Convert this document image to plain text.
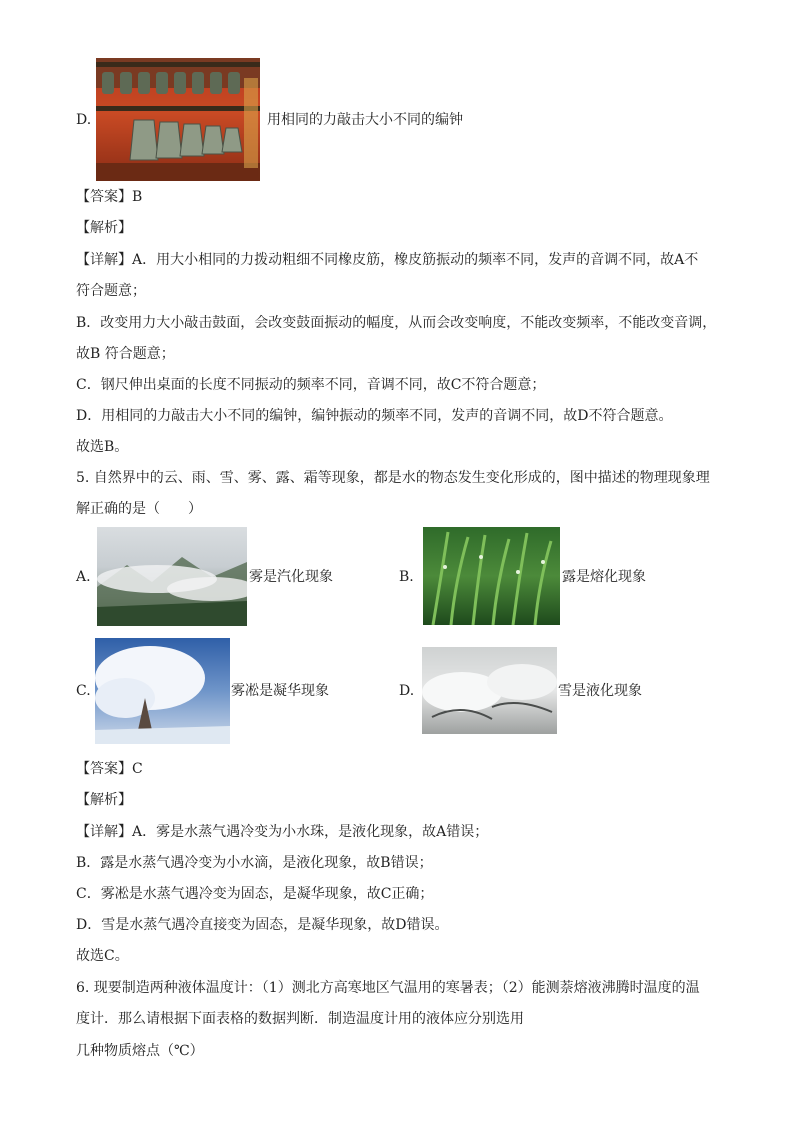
D.	用相同的力敲击大小不同的编钟
【答案】B
【解析】
【详解】A．用大小相同的力拨动粗细不同橡皮筋，橡皮筋振动的频率不同，发声的音调不同，故A不
符合题意；
B．改变用力大小敲击鼓面，会改变鼓面振动的幅度，从而会改变响度，不能改变频率，不能改变音调，
故B 符合题意；
C．钢尺伸出桌面的长度不同振动的频率不同，音调不同，故C不符合题意；
D．用相同的力敲击大小不同的编钟，编钟振动的频率不同，发声的音调不同，故D不符合题意。
故选B。
5. 自然界中的云、雨、雪、雾、露、霜等现象，都是水的物态发生变化形成的，图中描述的物理现象理
解正确的是（　　）
A.	雾是汽化现象	B.	露是熔化现象
C.	雾凇是凝华现象	D.	雪是液化现象
【答案】C
【解析】
【详解】A．雾是水蒸气遇冷变为小水珠，是液化现象，故A错误；
B．露是水蒸气遇冷变为小水滴，是液化现象，故B错误；
C．雾凇是水蒸气遇冷变为固态，是凝华现象，故C正确；
D．雪是水蒸气遇冷直接变为固态，是凝华现象，故D错误。
故选C。
6. 现要制造两种液体温度计：（1）测北方高寒地区气温用的寒暑表；（2）能测萘熔液沸腾时温度的温
度计．那么请根据下面表格的数据判断．制造温度计用的液体应分别选用
几种物质熔点（℃）
